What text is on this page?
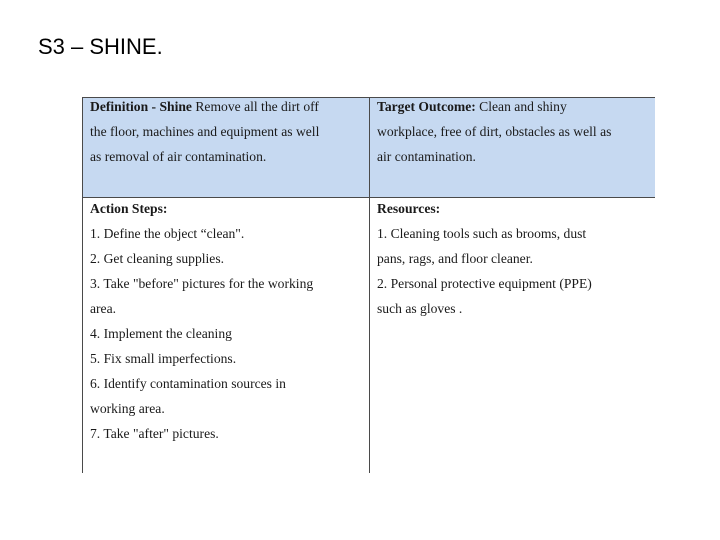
S3 – SHINE.

Definition - Shine Remove all the dirt off

the floor, machines and equipment as well

as removal of air contamination.

Target Outcome: Clean and shiny

workplace, free of dirt, obstacles as well as

air contamination.

Action Steps:

1. Define the object “clean".

2. Get cleaning supplies.

3. Take "before" pictures for the working

area.

4. Implement the cleaning

5. Fix small imperfections.

6. Identify contamination sources in

working area.

7. Take "after" pictures.

Resources:

1. Cleaning tools such as brooms, dust

pans, rags, and floor cleaner.

2. Personal protective equipment (PPE)

such as gloves .
